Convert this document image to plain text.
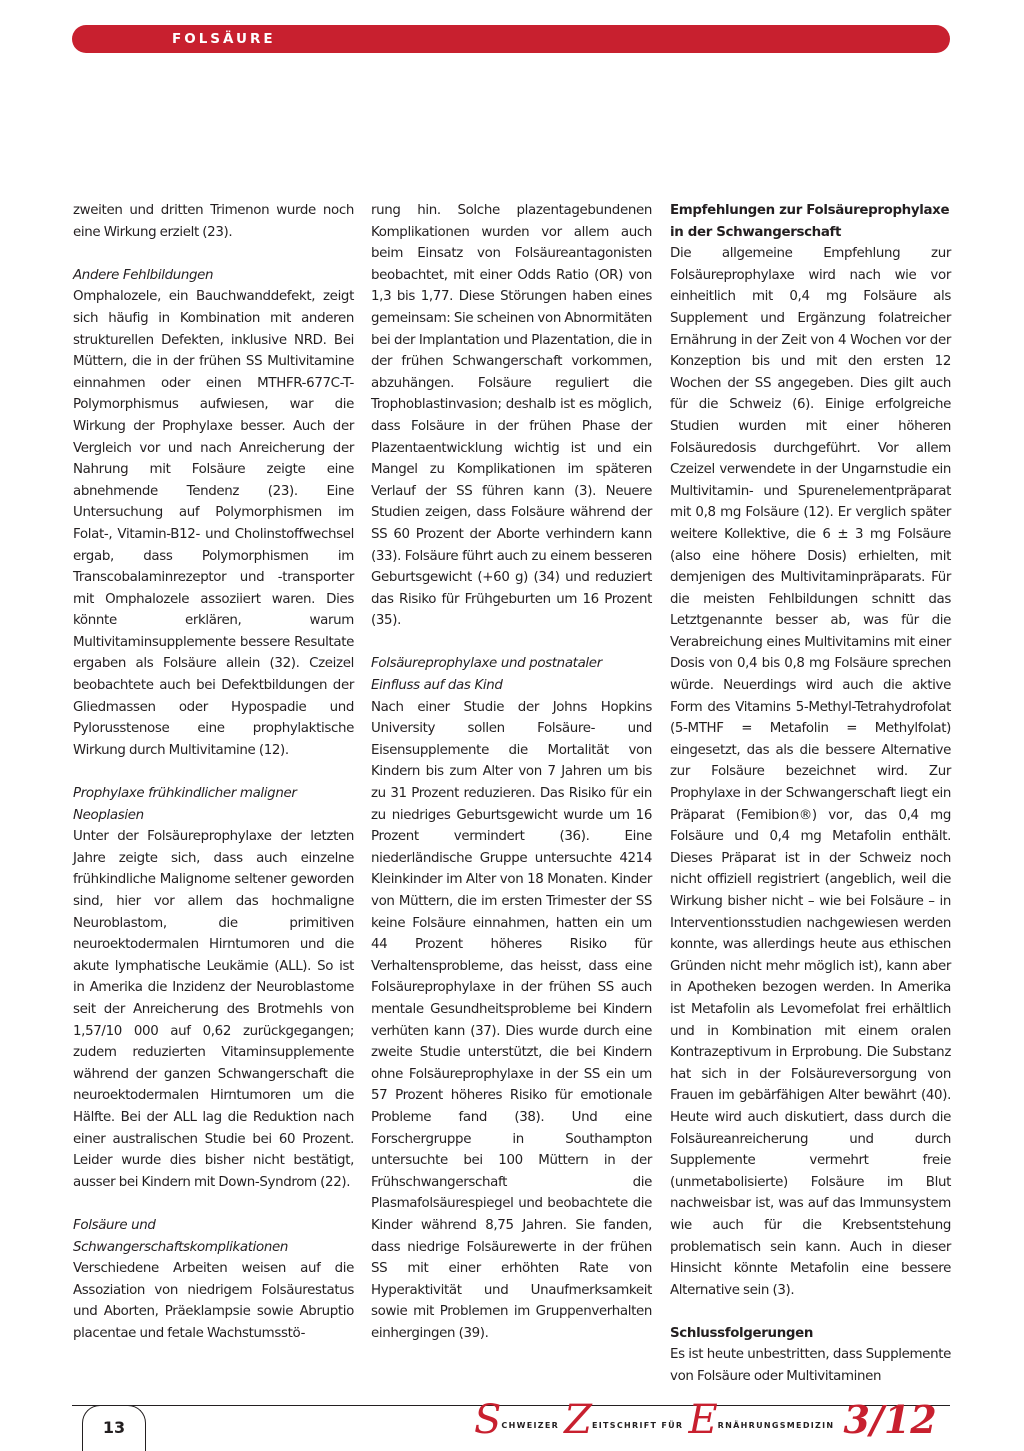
FOLSÄURE

zweiten und dritten Trimenon wurde noch eine Wirkung erzielt (23).

Andere Fehlbildungen

Omphalozele, ein Bauchwanddefekt, zeigt sich häufig in Kombination mit anderen strukturellen Defekten, inklusive NRD. Bei Müttern, die in der frühen SS Multivitamine einnahmen oder einen MTHFR-677C-T-Polymorphismus aufwiesen, war die Wirkung der Prophylaxe besser. Auch der Vergleich vor und nach Anreicherung der Nahrung mit Folsäure zeigte eine abnehmende Tendenz (23). Eine Untersuchung auf Polymorphismen im Folat-, Vitamin-B12- und Cholinstoffwechsel ergab, dass Polymorphismen im Transcobalaminrezeptor und -transporter mit Omphalozele assoziiert waren. Dies könnte erklären, warum Multivitaminsupplemente bessere Resultate ergaben als Folsäure allein (32). Czeizel beobachtete auch bei Defektbildungen der Gliedmassen oder Hypospadie und Pylorusstenose eine prophylaktische Wirkung durch Multivitamine (12).

Prophylaxe frühkindlicher maligner Neoplasien

Unter der Folsäureprophylaxe der letzten Jahre zeigte sich, dass auch einzelne frühkindliche Malignome seltener geworden sind, hier vor allem das hochmaligne Neuroblastom, die primitiven neuroektodermalen Hirntumoren und die akute lymphatische Leukämie (ALL). So ist in Amerika die Inzidenz der Neuroblastome seit der Anreicherung des Brotmehls von 1,57/10 000 auf 0,62 zurückgegangen; zudem reduzierten Vitaminsupplemente während der ganzen Schwangerschaft die neuroektodermalen Hirntumoren um die Hälfte. Bei der ALL lag die Reduktion nach einer australischen Studie bei 60 Prozent. Leider wurde dies bisher nicht bestätigt, ausser bei Kindern mit Down-Syndrom (22).

Folsäure und Schwangerschaftskomplikationen

Verschiedene Arbeiten weisen auf die Assoziation von niedrigem Folsäurestatus und Aborten, Präeklampsie sowie Abruptio placentae und fetale Wachstumsstö-

rung hin. Solche plazentagebundenen Komplikationen wurden vor allem auch beim Einsatz von Folsäureantagonisten beobachtet, mit einer Odds Ratio (OR) von 1,3 bis 1,77. Diese Störungen haben eines gemeinsam: Sie scheinen von Abnormitäten bei der Implantation und Plazentation, die in der frühen Schwangerschaft vorkommen, abzuhängen. Folsäure reguliert die Trophoblastinvasion; deshalb ist es möglich, dass Folsäure in der frühen Phase der Plazentaentwicklung wichtig ist und ein Mangel zu Komplikationen im späteren Verlauf der SS führen kann (3). Neuere Studien zeigen, dass Folsäure während der SS 60 Prozent der Aborte verhindern kann (33). Folsäure führt auch zu einem besseren Geburtsgewicht (+60 g) (34) und reduziert das Risiko für Frühgeburten um 16 Prozent (35).

Folsäureprophylaxe und postnataler Einfluss auf das Kind

Nach einer Studie der Johns Hopkins University sollen Folsäure- und Eisensupplemente die Mortalität von Kindern bis zum Alter von 7 Jahren um bis zu 31 Prozent reduzieren. Das Risiko für ein zu niedriges Geburtsgewicht wurde um 16 Prozent vermindert (36). Eine niederländische Gruppe untersuchte 4214 Kleinkinder im Alter von 18 Monaten. Kinder von Müttern, die im ersten Trimester der SS keine Folsäure einnahmen, hatten ein um 44 Prozent höheres Risiko für Verhaltensprobleme, das heisst, dass eine Folsäureprophylaxe in der frühen SS auch mentale Gesundheitsprobleme bei Kindern verhüten kann (37). Dies wurde durch eine zweite Studie unterstützt, die bei Kindern ohne Folsäureprophylaxe in der SS ein um 57 Prozent höheres Risiko für emotionale Probleme fand (38). Und eine Forschergruppe in Southampton untersuchte bei 100 Müttern in der Frühschwangerschaft die Plasmafolsäurespiegel und beobachtete die Kinder während 8,75 Jahren. Sie fanden, dass niedrige Folsäurewerte in der frühen SS mit einer erhöhten Rate von Hyperaktivität und Unaufmerksamkeit sowie mit Problemen im Gruppenverhalten einhergingen (39).

Empfehlungen zur Folsäureprophylaxe in der Schwangerschaft

Die allgemeine Empfehlung zur Folsäureprophylaxe wird nach wie vor einheitlich mit 0,4 mg Folsäure als Supplement und Ergänzung folatreicher Ernährung in der Zeit von 4 Wochen vor der Konzeption bis und mit den ersten 12 Wochen der SS angegeben. Dies gilt auch für die Schweiz (6). Einige erfolgreiche Studien wurden mit einer höheren Folsäuredosis durchgeführt. Vor allem Czeizel verwendete in der Ungarnstudie ein Multivitamin- und Spurenelementpräparat mit 0,8 mg Folsäure (12). Er verglich später weitere Kollektive, die 6 ± 3 mg Folsäure (also eine höhere Dosis) erhielten, mit demjenigen des Multivitaminpräparats. Für die meisten Fehlbildungen schnitt das Letztgenannte besser ab, was für die Verabreichung eines Multivitamins mit einer Dosis von 0,4 bis 0,8 mg Folsäure sprechen würde. Neuerdings wird auch die aktive Form des Vitamins 5-Methyl-Tetrahydrofolat (5-MTHF = Metafolin = Methylfolat) eingesetzt, das als die bessere Alternative zur Folsäure bezeichnet wird. Zur Prophylaxe in der Schwangerschaft liegt ein Präparat (Femibion®) vor, das 0,4 mg Folsäure und 0,4 mg Metafolin enthält. Dieses Präparat ist in der Schweiz noch nicht offiziell registriert (angeblich, weil die Wirkung bisher nicht – wie bei Folsäure – in Interventionsstudien nachgewiesen werden konnte, was allerdings heute aus ethischen Gründen nicht mehr möglich ist), kann aber in Apotheken bezogen werden. In Amerika ist Metafolin als Levomefolat frei erhältlich und in Kombination mit einem oralen Kontrazeptivum in Erprobung. Die Substanz hat sich in der Folsäureversorgung von Frauen im gebärfähigen Alter bewährt (40). Heute wird auch diskutiert, dass durch die Folsäureanreicherung und durch Supplemente vermehrt freie (unmetabolisierte) Folsäure im Blut nachweisbar ist, was auf das Immunsystem wie auch für die Krebsentstehung problematisch sein kann. Auch in dieser Hinsicht könnte Metafolin eine bessere Alternative sein (3).

Schlussfolgerungen

Es ist heute unbestritten, dass Supplemente von Folsäure oder Multivitaminen

13	$S^{CHWEIZER}$ $Z^{EITSCHRIFT FÜR}$ $E^{RNÄHRUNGSMEDIZIN}$ 3/12
